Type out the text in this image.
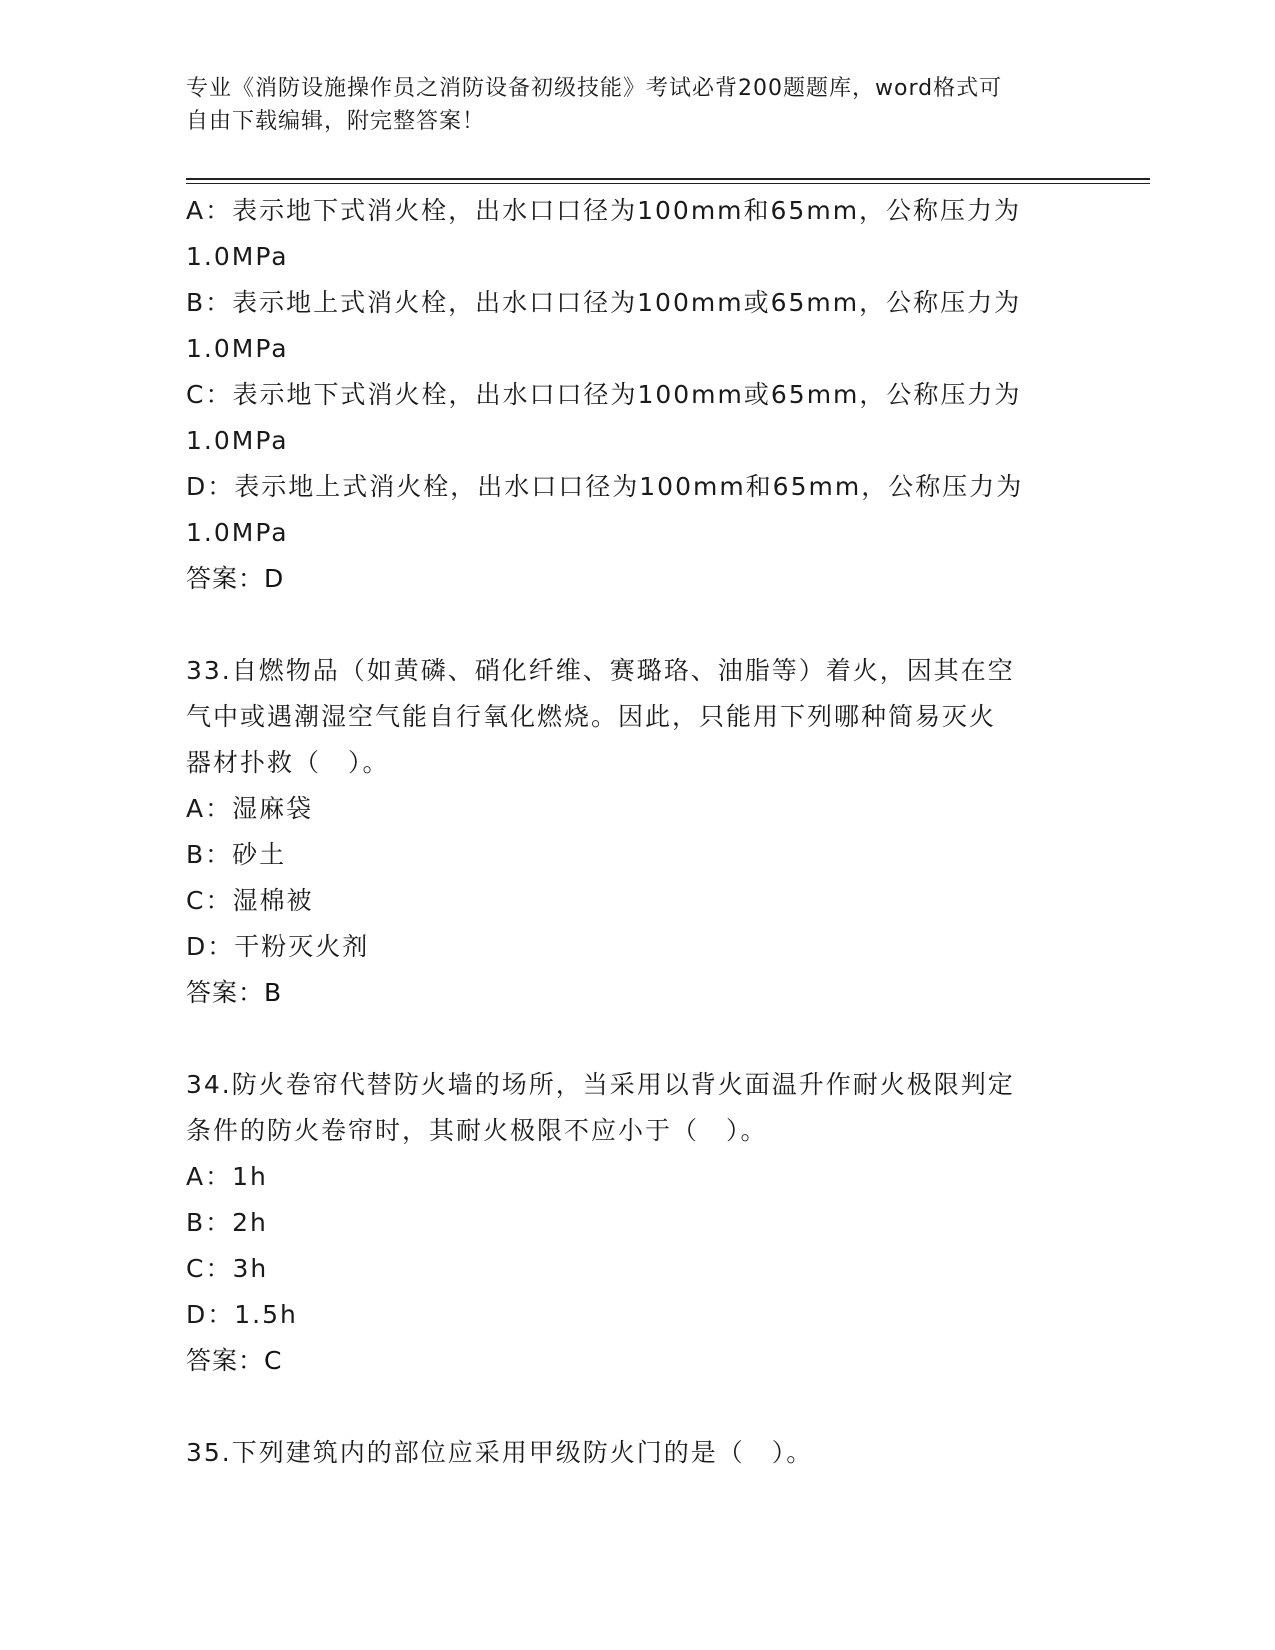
专业《消防设施操作员之消防设备初级技能》考试必背200题题库，word格式可
自由下载编辑，附完整答案！
A：表示地下式消火栓，出水口口径为100mm和65mm，公称压力为
1.0MPa
B：表示地上式消火栓，出水口口径为100mm或65mm，公称压力为
1.0MPa
C：表示地下式消火栓，出水口口径为100mm或65mm，公称压力为
1.0MPa
D：表示地上式消火栓，出水口口径为100mm和65mm，公称压力为
1.0MPa
答案：D
33.自燃物品（如黄磷、硝化纤维、赛璐珞、油脂等）着火，因其在空
气中或遇潮湿空气能自行氧化燃烧。因此，只能用下列哪种简易灭火
器材扑救（　）。
A：湿麻袋
B：砂土
C：湿棉被
D：干粉灭火剂
答案：B
34.防火卷帘代替防火墙的场所，当采用以背火面温升作耐火极限判定
条件的防火卷帘时，其耐火极限不应小于（　）。
A：1h
B：2h
C：3h
D：1.5h
答案：C
35.下列建筑内的部位应采用甲级防火门的是（　）。
